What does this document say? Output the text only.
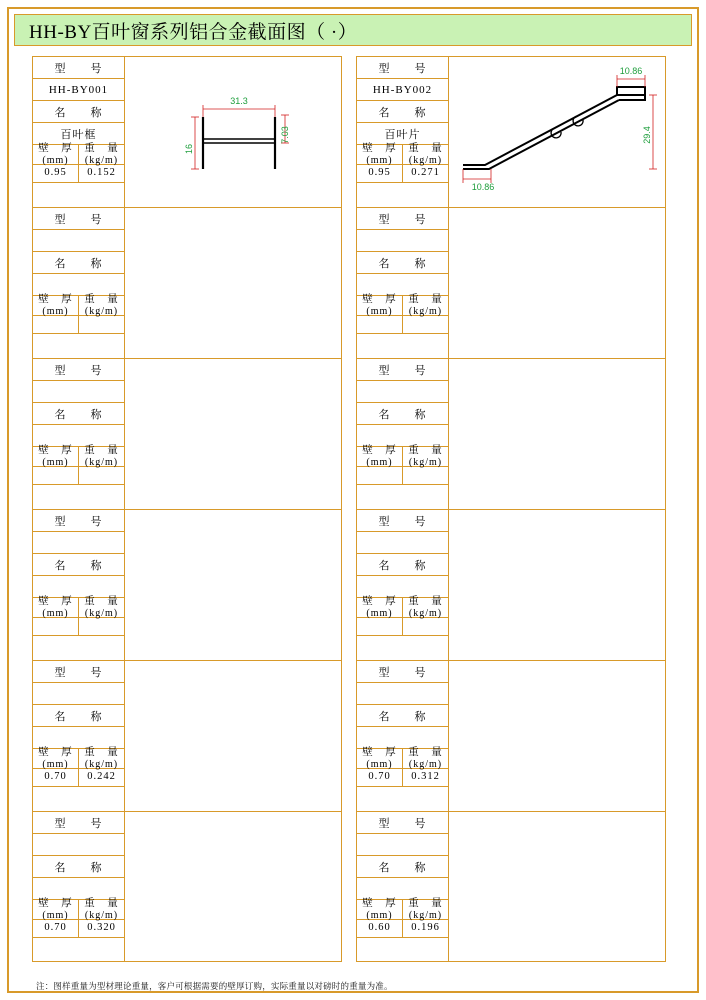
HH-BY百叶窗系列铝合金截面图（ ·）
型　　号
HH-BY001
名　　称
百叶框
壁　厚
(mm)
重　量
(kg/m)
0.95	0.152
31.3
7.03
16
型　　号
名　　称
壁　厚
(mm)
重　量
(kg/m)
型　　号
名　　称
壁　厚
(mm)
重　量
(kg/m)
型　　号
名　　称
壁　厚
(mm)
重　量
(kg/m)
型　　号
名　　称
壁　厚
(mm)
重　量
(kg/m)
0.70	0.242
型　　号
名　　称
壁　厚
(mm)
重　量
(kg/m)
0.70	0.320
型　　号
HH-BY002
名　　称
百叶片
壁　厚
(mm)
重　量
(kg/m)
0.95	0.271
10.86
29.4
10.86
型　　号
名　　称
壁　厚
(mm)
重　量
(kg/m)
型　　号
名　　称
壁　厚
(mm)
重　量
(kg/m)
型　　号
名　　称
壁　厚
(mm)
重　量
(kg/m)
型　　号
名　　称
壁　厚
(mm)
重　量
(kg/m)
0.70	0.312
型　　号
名　　称
壁　厚
(mm)
重　量
(kg/m)
0.60	0.196
注：图样重量为型材理论重量，客户可根据需要的壁厚订购，实际重量以对磅时的重量为准。
